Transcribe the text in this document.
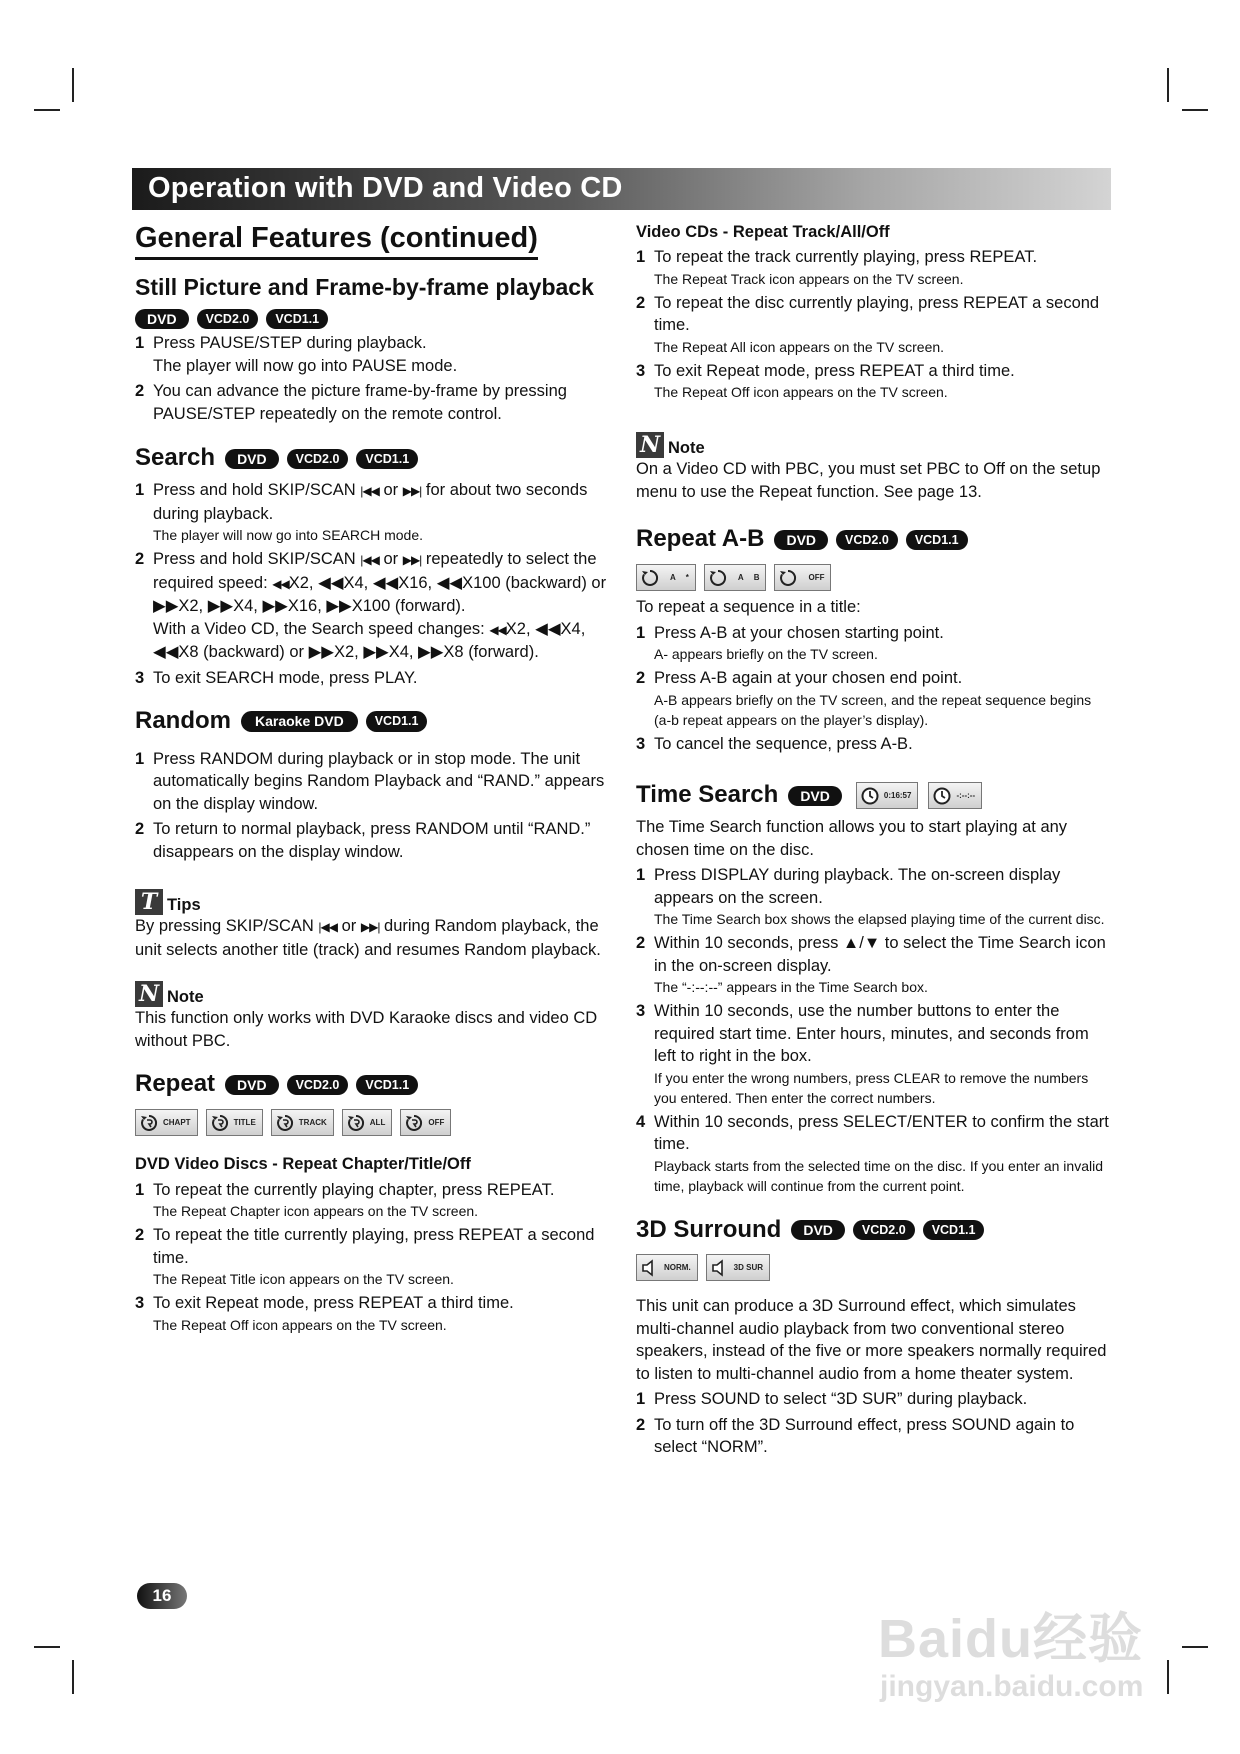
Operation with DVD and Video CD
General Features (continued)
Still Picture and Frame-by-frame playback
DVD	VCD2.0	VCD1.1
1 Press PAUSE/STEP during playback.
The player will now go into PAUSE mode.
2 You can advance the picture frame-by-frame by pressing PAUSE/STEP repeatedly on the remote control.
Search	DVD	VCD2.0	VCD1.1
1 Press and hold SKIP/SCAN |◀◀ or ▶▶| for about two seconds during playback.
The player will now go into SEARCH mode.
2 Press and hold SKIP/SCAN |◀◀ or ▶▶| repeatedly to select the required speed: ◀◀X2, ◀◀X4, ◀◀X16, ◀◀X100 (backward) or ▶▶X2, ▶▶X4, ▶▶X16, ▶▶X100 (forward).
With a Video CD, the Search speed changes: ◀◀X2, ◀◀X4, ◀◀X8 (backward) or ▶▶X2, ▶▶X4, ▶▶X8 (forward).
3 To exit SEARCH mode, press PLAY.
Random	Karaoke DVD	VCD1.1
1 Press RANDOM during playback or in stop mode. The unit automatically begins Random Playback and “RAND.” appears on the display window.
2 To return to normal playback, press RANDOM until “RAND.” disappears on the display window.
T Tips

By pressing SKIP/SCAN |◀◀ or ▶▶| during Random playback, the unit selects another title (track) and resumes Random playback.

N Note

This function only works with DVD Karaoke discs and video CD without PBC.

Repeat	DVD	VCD2.0	VCD1.1
CHAPT	TITLE	TRACK	ALL	OFF
DVD Video Discs - Repeat Chapter/Title/Off
1 To repeat the currently playing chapter, press REPEAT.
The Repeat Chapter icon appears on the TV screen.
2 To repeat the title currently playing, press REPEAT a second time.
The Repeat Title icon appears on the TV screen.
3 To exit Repeat mode, press REPEAT a third time.
The Repeat Off icon appears on the TV screen.
Video CDs - Repeat Track/All/Off
1 To repeat the track currently playing, press REPEAT.
The Repeat Track icon appears on the TV screen.
2 To repeat the disc currently playing, press REPEAT a second time.
The Repeat All icon appears on the TV screen.
3 To exit Repeat mode, press REPEAT a third time.
The Repeat Off icon appears on the TV screen.
N Note

On a Video CD with PBC, you must set PBC to Off on the setup menu to use the Repeat function. See page 13.

Repeat A-B	DVD	VCD2.0	VCD1.1
A *	A B	OFF

To repeat a sequence in a title:

1 Press A-B at your chosen starting point.
A- appears briefly on the TV screen.
2 Press A-B again at your chosen end point.
A-B appears briefly on the TV screen, and the repeat sequence begins (a-b repeat appears on the player’s display).
3 To cancel the sequence, press A-B.
Time Search	DVD	0:16:57	-:--:--

The Time Search function allows you to start playing at any chosen time on the disc.

1 Press DISPLAY during playback. The on-screen display appears on the screen.
The Time Search box shows the elapsed playing time of the current disc.
2 Within 10 seconds, press ▲/▼ to select the Time Search icon in the on-screen display.
The “-:--:--” appears in the Time Search box.
3 Within 10 seconds, use the number buttons to enter the required start time. Enter hours, minutes, and seconds from left to right in the box.
If you enter the wrong numbers, press CLEAR to remove the numbers you entered. Then enter the correct numbers.
4 Within 10 seconds, press SELECT/ENTER to confirm the start time.
Playback starts from the selected time on the disc. If you enter an invalid time, playback will continue from the current point.
3D Surround	DVD	VCD2.0	VCD1.1
NORM.	3D SUR

This unit can produce a 3D Surround effect, which simulates multi-channel audio playback from two conventional stereo speakers, instead of the five or more speakers normally required to listen to multi-channel audio from a home theater system.

1 Press SOUND to select “3D SUR” during playback.
2 To turn off the 3D Surround effect, press SOUND again to select “NORM”.
16
Baidu经验
jingyan.baidu.com
